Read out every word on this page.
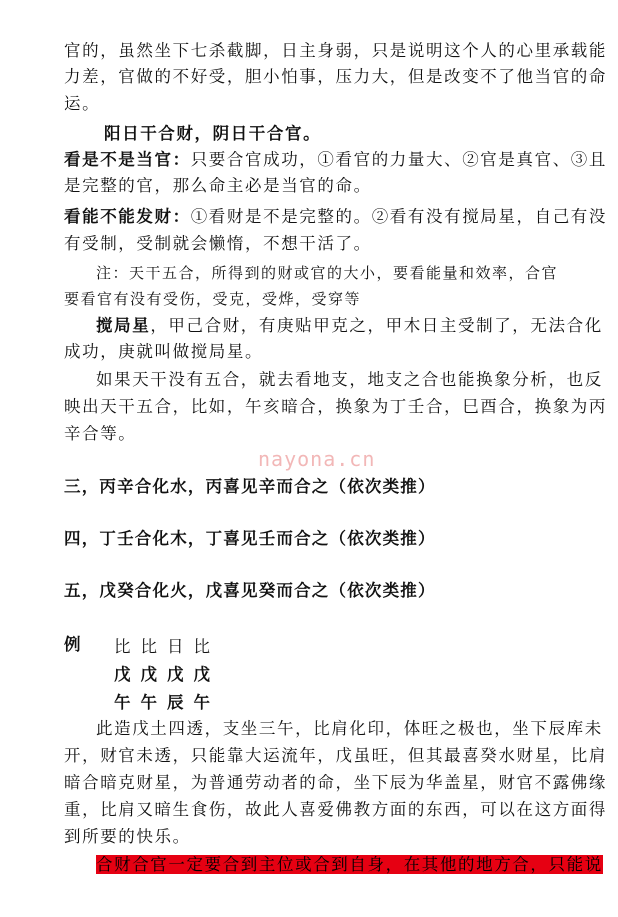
官的，虽然坐下七杀截脚，日主身弱，只是说明这个人的心里承载能
力差，官做的不好受，胆小怕事，压力大，但是改变不了他当官的命
运。
阳日干合财，阴日干合官。
看是不是当官：只要合官成功，①看官的力量大、②官是真官、③且
是完整的官，那么命主必是当官的命。
看能不能发财：①看财是不是完整的。②看有没有搅局星，自己有没
有受制，受制就会懒惰，不想干活了。
注：天干五合，所得到的财或官的大小，要看能量和效率，合官
要看官有没有受伤，受克，受烨，受穿等
搅局星，甲己合财，有庚贴甲克之，甲木日主受制了，无法合化
成功，庚就叫做搅局星。
如果天干没有五合，就去看地支，地支之合也能换象分析，也反
映出天干五合，比如，午亥暗合，换象为丁壬合，巳酉合，换象为丙
辛合等。
nayona.cn
三，丙辛合化水，丙喜见辛而合之（依次类推）
四，丁壬合化木，丁喜见壬而合之（依次类推）
五，戊癸合化火，戊喜见癸而合之（依次类推）
例 比比日比
戊戊戊戊
午午辰午
此造戊土四透，支坐三午，比肩化印，体旺之极也，坐下辰库未
开，财官未透，只能靠大运流年，戊虽旺，但其最喜癸水财星，比肩
暗合暗克财星，为普通劳动者的命，坐下辰为华盖星，财官不露佛缘
重，比肩又暗生食伤，故此人喜爱佛教方面的东西，可以在这方面得
到所要的快乐。
合财合官一定要合到主位或合到自身，在其他的地方合，只能说
